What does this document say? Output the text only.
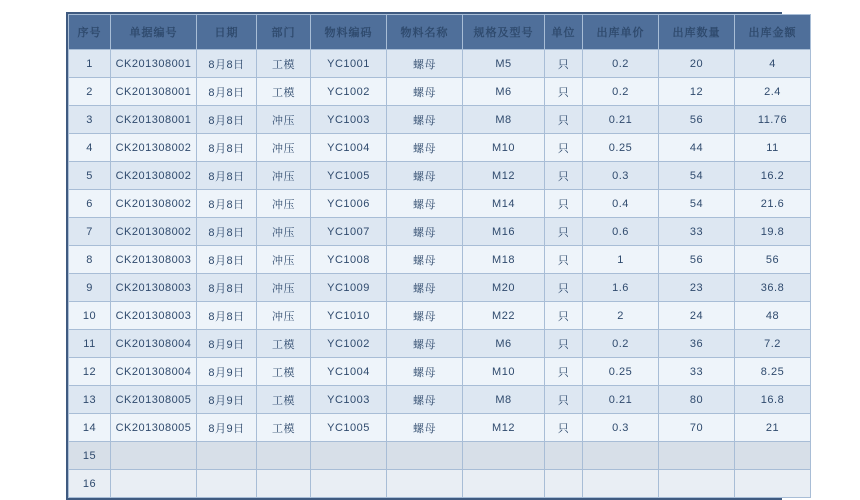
序号	单据编号	日期	部门	物料编码	物料名称	规格及型号	单位	出库单价	出库数量	出库金额
1	CK201308001	8月8日	工模	YC1001	螺母	M5	只	0.2	20	4
2	CK201308001	8月8日	工模	YC1002	螺母	M6	只	0.2	12	2.4
3	CK201308001	8月8日	冲压	YC1003	螺母	M8	只	0.21	56	11.76
4	CK201308002	8月8日	冲压	YC1004	螺母	M10	只	0.25	44	11
5	CK201308002	8月8日	冲压	YC1005	螺母	M12	只	0.3	54	16.2
6	CK201308002	8月8日	冲压	YC1006	螺母	M14	只	0.4	54	21.6
7	CK201308002	8月8日	冲压	YC1007	螺母	M16	只	0.6	33	19.8
8	CK201308003	8月8日	冲压	YC1008	螺母	M18	只	1	56	56
9	CK201308003	8月8日	冲压	YC1009	螺母	M20	只	1.6	23	36.8
10	CK201308003	8月8日	冲压	YC1010	螺母	M22	只	2	24	48
11	CK201308004	8月9日	工模	YC1002	螺母	M6	只	0.2	36	7.2
12	CK201308004	8月9日	工模	YC1004	螺母	M10	只	0.25	33	8.25
13	CK201308005	8月9日	工模	YC1003	螺母	M8	只	0.21	80	16.8
14	CK201308005	8月9日	工模	YC1005	螺母	M12	只	0.3	70	21
15										
16										
